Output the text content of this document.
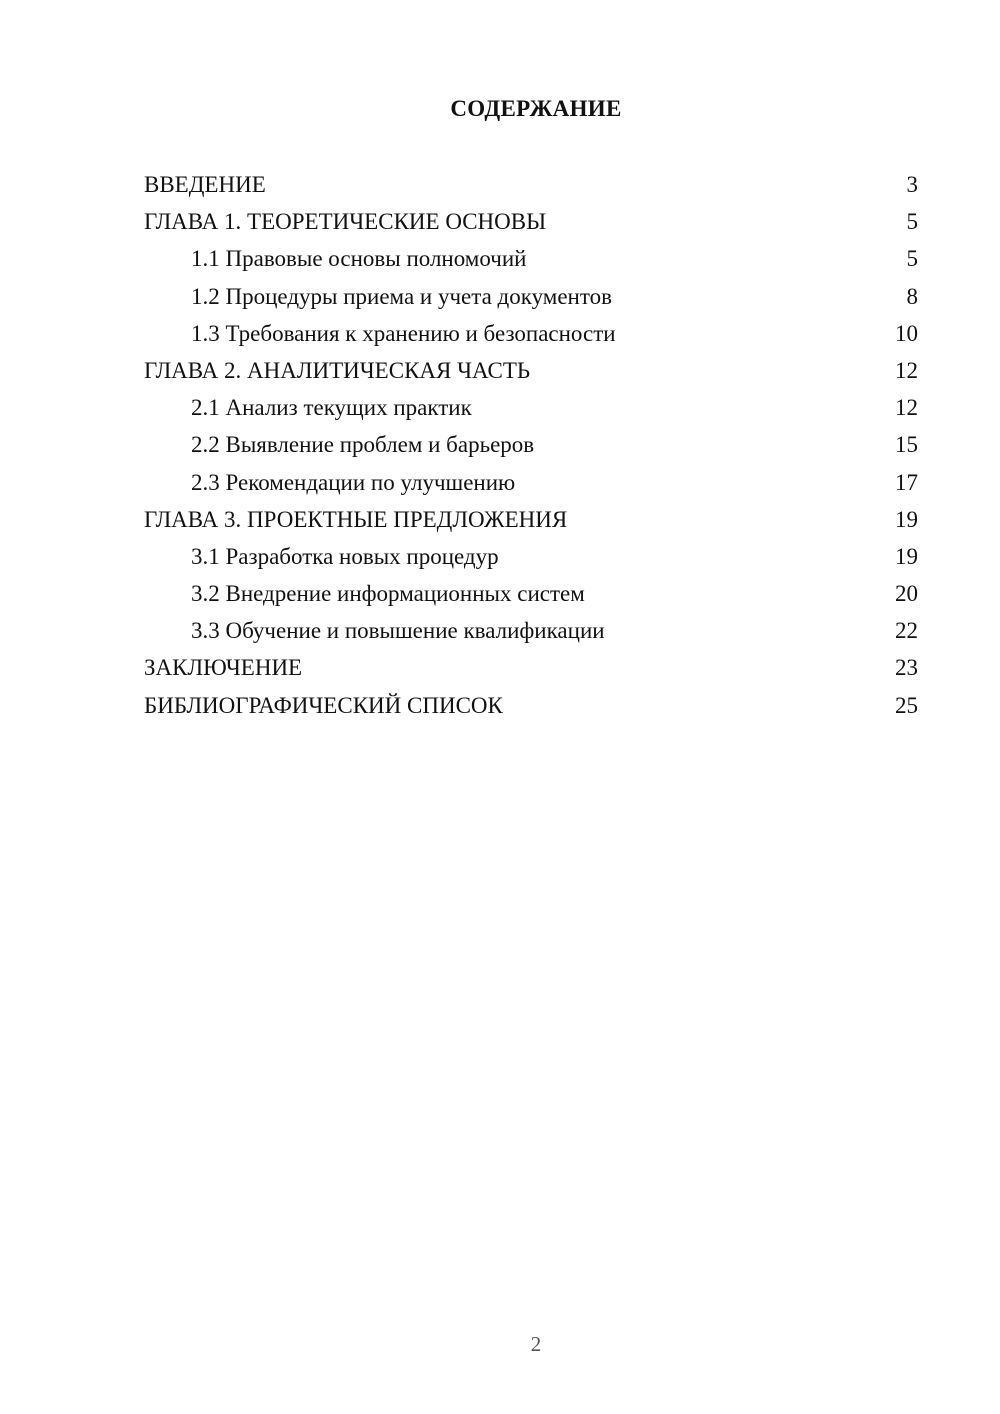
СОДЕРЖАНИЕ
ВВЕДЕНИЕ	3
ГЛАВА 1. ТЕОРЕТИЧЕСКИЕ ОСНОВЫ	5
1.1 Правовые основы полномочий	5
1.2 Процедуры приема и учета документов	8
1.3 Требования к хранению и безопасности	10
ГЛАВА 2. АНАЛИТИЧЕСКАЯ ЧАСТЬ	12
2.1 Анализ текущих практик	12
2.2 Выявление проблем и барьеров	15
2.3 Рекомендации по улучшению	17
ГЛАВА 3. ПРОЕКТНЫЕ ПРЕДЛОЖЕНИЯ	19
3.1 Разработка новых процедур	19
3.2 Внедрение информационных систем	20
3.3 Обучение и повышение квалификации	22
ЗАКЛЮЧЕНИЕ	23
БИБЛИОГРАФИЧЕСКИЙ СПИСОК	25
2
